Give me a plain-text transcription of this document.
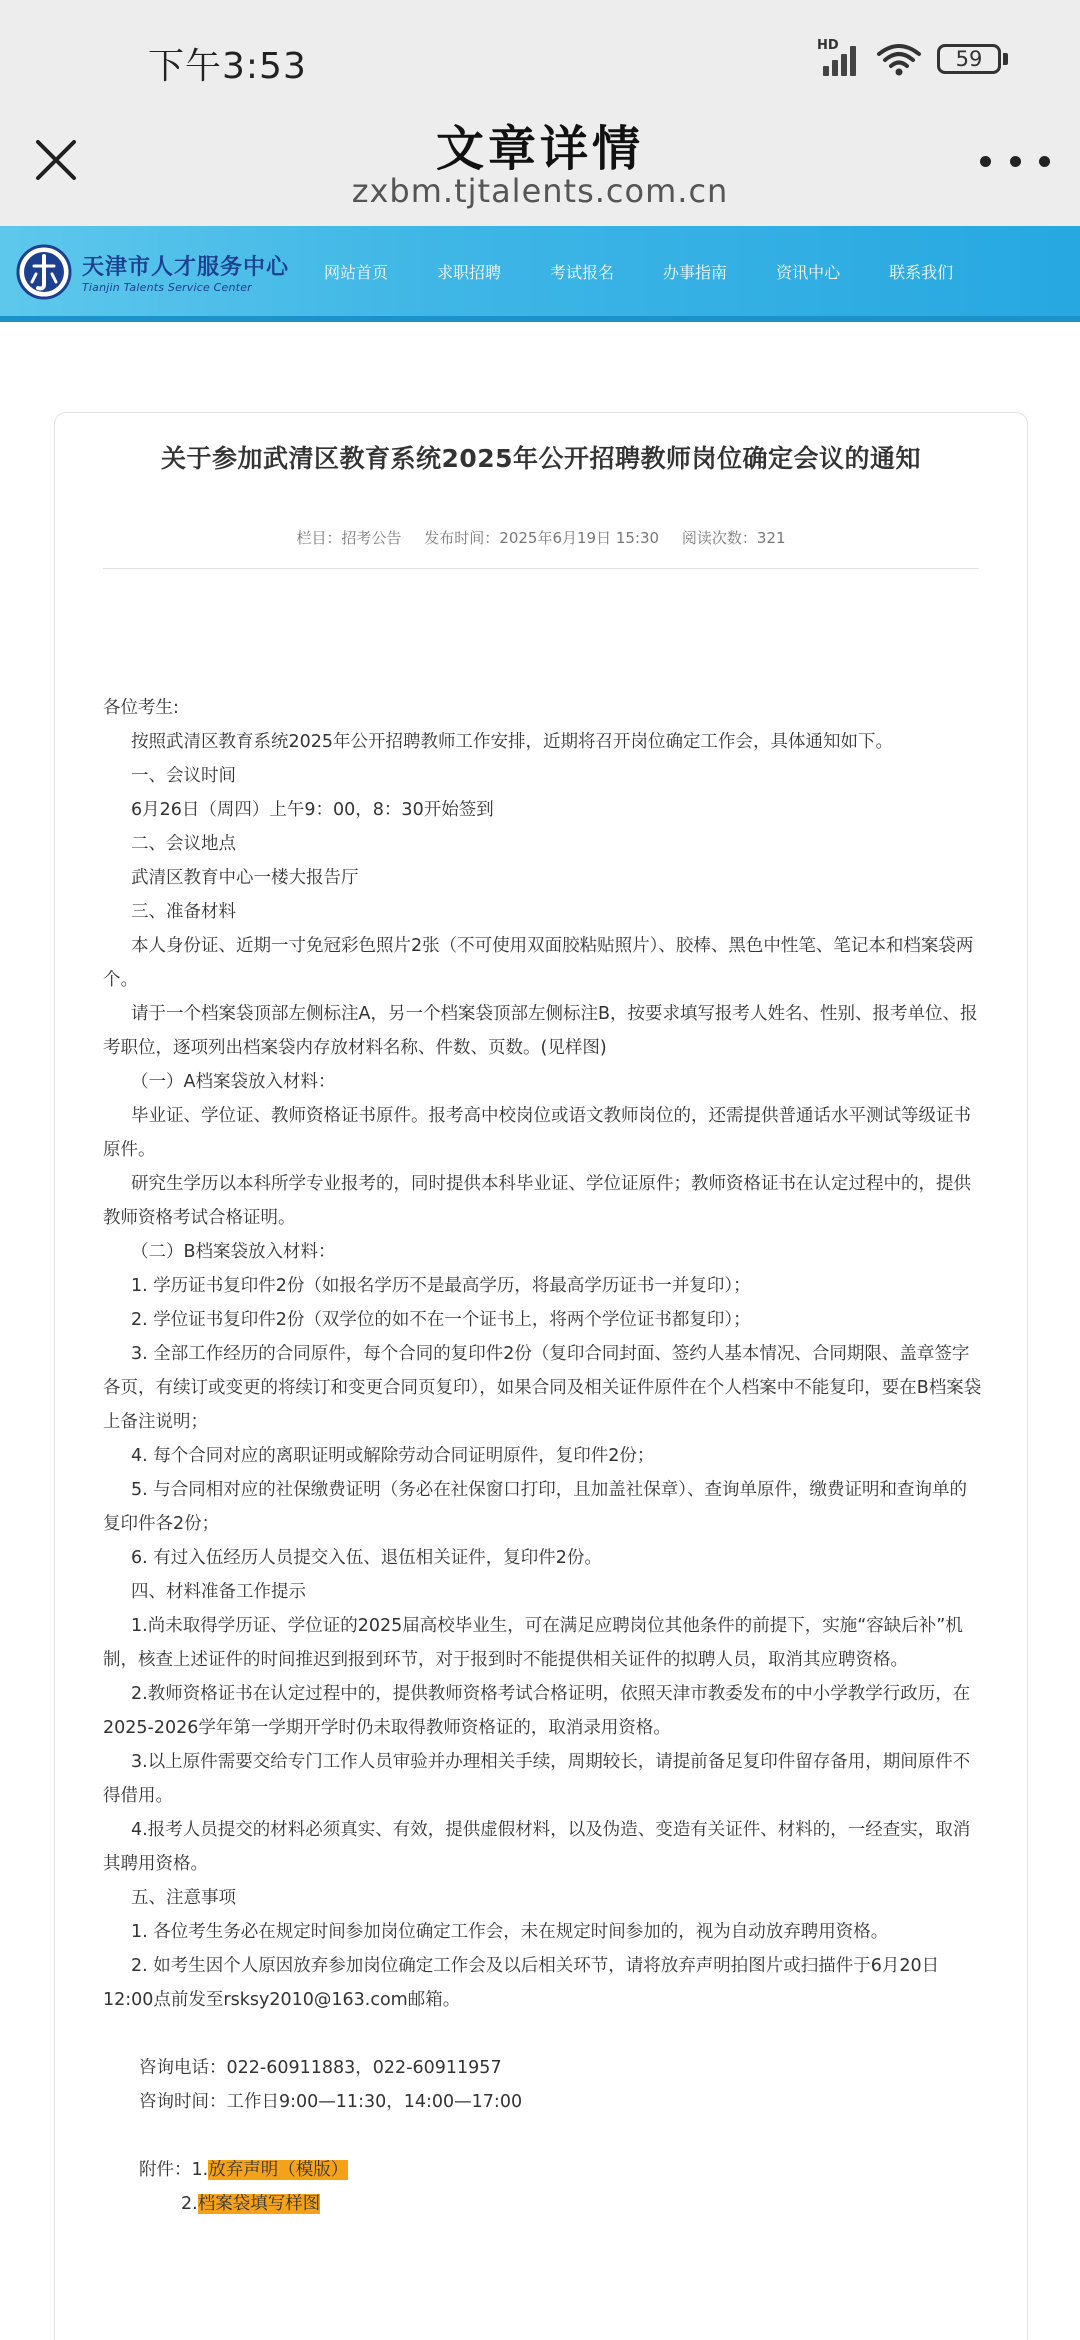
下午3:53
HD
59
文章详情
zxbm.tjtalents.com.cn
天津市人才服务中心
Tianjin Talents Service Center
网站首页	求职招聘	考试报名	办事指南	资讯中心	联系我们
关于参加武清区教育系统2025年公开招聘教师岗位确定会议的通知
栏目：招考公告 发布时间：2025年6月19日 15:30 阅读次数：321

各位考生:

按照武清区教育系统2025年公开招聘教师工作安排，近期将召开岗位确定工作会，具体通知如下。

一、会议时间

6月26日（周四）上午9：00，8：30开始签到

二、会议地点

武清区教育中心一楼大报告厅

三、准备材料

本人身份证、近期一寸免冠彩色照片2张（不可使用双面胶粘贴照片）、胶棒、黑色中性笔、笔记本和档案袋两个。

请于一个档案袋顶部左侧标注A，另一个档案袋顶部左侧标注B，按要求填写报考人姓名、性别、报考单位、报考职位，逐项列出档案袋内存放材料名称、件数、页数。(见样图)

（一）A档案袋放入材料：

毕业证、学位证、教师资格证书原件。报考高中校岗位或语文教师岗位的，还需提供普通话水平测试等级证书原件。

研究生学历以本科所学专业报考的，同时提供本科毕业证、学位证原件；教师资格证书在认定过程中的，提供教师资格考试合格证明。

（二）B档案袋放入材料：

1. 学历证书复印件2份（如报名学历不是最高学历，将最高学历证书一并复印）；

2. 学位证书复印件2份（双学位的如不在一个证书上，将两个学位证书都复印）；

3. 全部工作经历的合同原件，每个合同的复印件2份（复印合同封面、签约人基本情况、合同期限、盖章签字各页，有续订或变更的将续订和变更合同页复印），如果合同及相关证件原件在个人档案中不能复印，要在B档案袋上备注说明；

4. 每个合同对应的离职证明或解除劳动合同证明原件，复印件2份；

5. 与合同相对应的社保缴费证明（务必在社保窗口打印，且加盖社保章）、查询单原件，缴费证明和查询单的复印件各2份；

6. 有过入伍经历人员提交入伍、退伍相关证件，复印件2份。

四、材料准备工作提示

1.尚未取得学历证、学位证的2025届高校毕业生，可在满足应聘岗位其他条件的前提下，实施“容缺后补”机制，核查上述证件的时间推迟到报到环节，对于报到时不能提供相关证件的拟聘人员，取消其应聘资格。

2.教师资格证书在认定过程中的，提供教师资格考试合格证明，依照天津市教委发布的中小学教学行政历，在2025-2026学年第一学期开学时仍未取得教师资格证的，取消录用资格。

3.以上原件需要交给专门工作人员审验并办理相关手续，周期较长，请提前备足复印件留存备用，期间原件不得借用。

4.报考人员提交的材料必须真实、有效，提供虚假材料，以及伪造、变造有关证件、材料的，一经查实，取消其聘用资格。

五、注意事项

1. 各位考生务必在规定时间参加岗位确定工作会，未在规定时间参加的，视为自动放弃聘用资格。

2. 如考生因个人原因放弃参加岗位确定工作会及以后相关环节，请将放弃声明拍图片或扫描件于6月20日12:00点前发至rsksy2010@163.com邮箱。

咨询电话：022-60911883，022-60911957

咨询时间：工作日9:00—11:30，14:00—17:00

附件：1.放弃声明（模版）

2.档案袋填写样图
